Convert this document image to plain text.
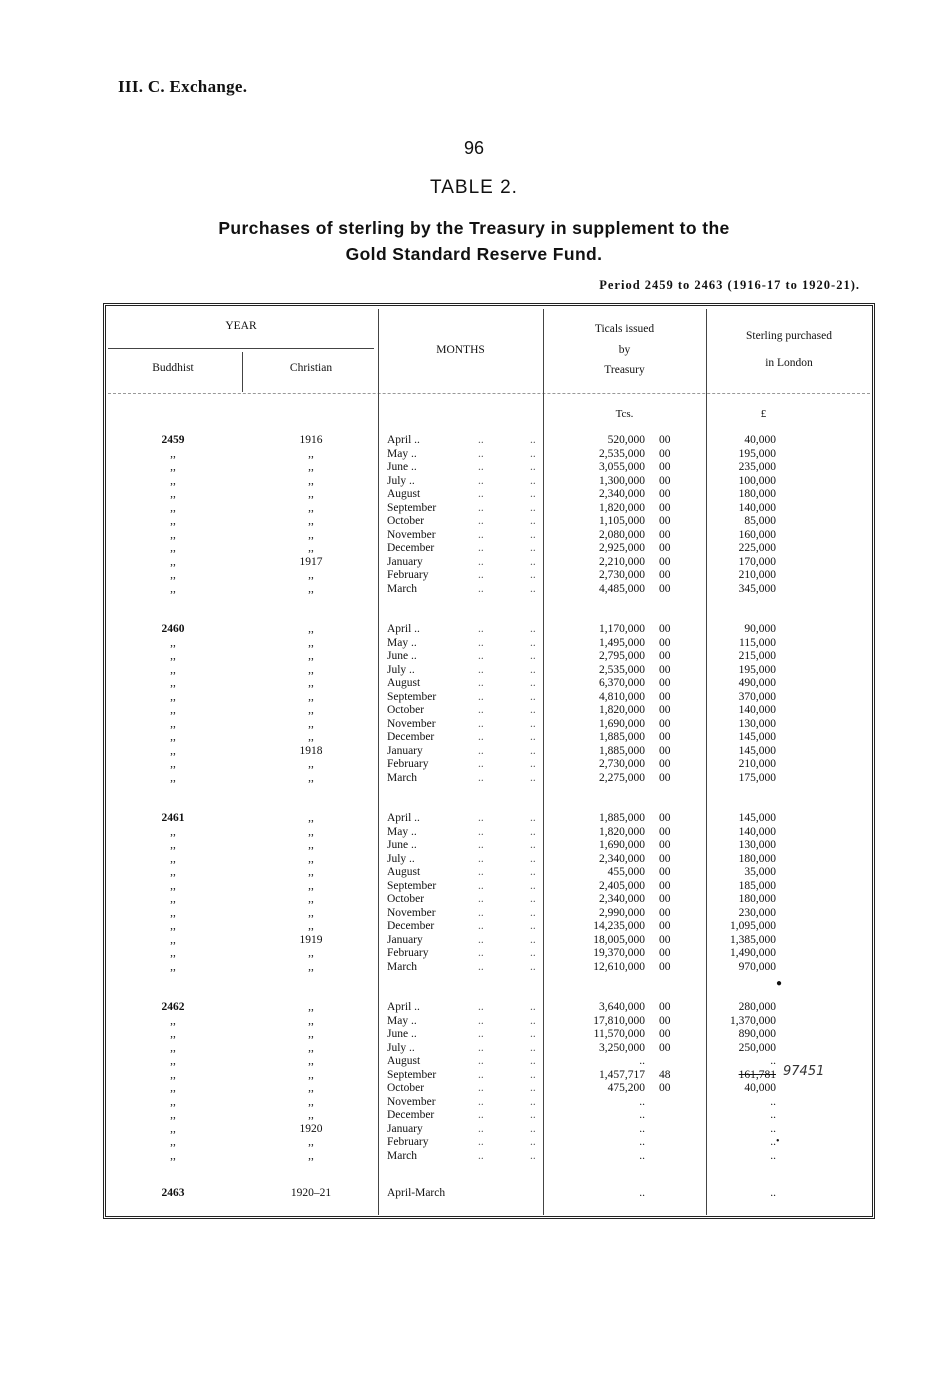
III. C. Exchange.
96
TABLE 2.
Purchases of sterling by the Treasury in supplement to the
Gold Standard Reserve Fund.
Period 2459 to 2463 (1916-17 to 1920-21).
YEAR
Buddhist	Christian
MONTHS
Ticals issued
by
Treasury
Sterling purchased
in London
Tcs.	£
2459	1916	April ..	..	..	520,000 00	40,000
,,	,,	May ..	..	..	2,535,000 00	195,000
,,	,,	June ..	..	..	3,055,000 00	235,000
,,	,,	July ..	..	..	1,300,000 00	100,000
,,	,,	August	..	..	2,340,000 00	180,000
,,	,,	September	..	..	1,820,000 00	140,000
,,	,,	October	..	..	1,105,000 00	85,000
,,	,,	November	..	..	2,080,000 00	160,000
,,	,,	December	..	..	2,925,000 00	225,000
,,	1917	January	..	..	2,210,000 00	170,000
,,	,,	February	..	..	2,730,000 00	210,000
,,	,,	March	..	..	4,485,000 00	345,000
2460	,,	April ..	..	..	1,170,000 00	90,000
,,	,,	May ..	..	..	1,495,000 00	115,000
,,	,,	June ..	..	..	2,795,000 00	215,000
,,	,,	July ..	..	..	2,535,000 00	195,000
,,	,,	August	..	..	6,370,000 00	490,000
,,	,,	September	..	..	4,810,000 00	370,000
,,	,,	October	..	..	1,820,000 00	140,000
,,	,,	November	..	..	1,690,000 00	130,000
,,	,,	December	..	..	1,885,000 00	145,000
,,	1918	January	..	..	1,885,000 00	145,000
,,	,,	February	..	..	2,730,000 00	210,000
,,	,,	March	..	..	2,275,000 00	175,000
2461	,,	April ..	..	..	1,885,000 00	145,000
,,	,,	May ..	..	..	1,820,000 00	140,000
,,	,,	June ..	..	..	1,690,000 00	130,000
,,	,,	July ..	..	..	2,340,000 00	180,000
,,	,,	August	..	..	455,000 00	35,000
,,	,,	September	..	..	2,405,000 00	185,000
,,	,,	October	..	..	2,340,000 00	180,000
,,	,,	November	..	..	2,990,000 00	230,000
,,	,,	December	..	..	14,235,000 00	1,095,000
,,	1919	January	..	..	18,005,000 00	1,385,000
,,	,,	February	..	..	19,370,000 00	1,490,000
,,	,,	March	..	..	12,610,000 00	970,000
2462	,,	April ..	..	..	3,640,000 00	280,000
,,	,,	May ..	..	..	17,810,000 00	1,370,000
,,	,,	June ..	..	..	11,570,000 00	890,000
,,	,,	July ..	..	..	3,250,000 00	250,000
,,	,,	August	..	..	..	..
,,	,,	September	..	..	1,457,717 48	161,781
,,	,,	October	..	..	475,200 00	40,000
,,	,,	November	..	..	..	..
,,	,,	December	..	..	..	..
,,	1920	January	..	..	..	..
,,	,,	February	..	..	..	..
,,	,,	March	..	..	..	..
2463	1920–21	April-March	..	..
97451
●
•
